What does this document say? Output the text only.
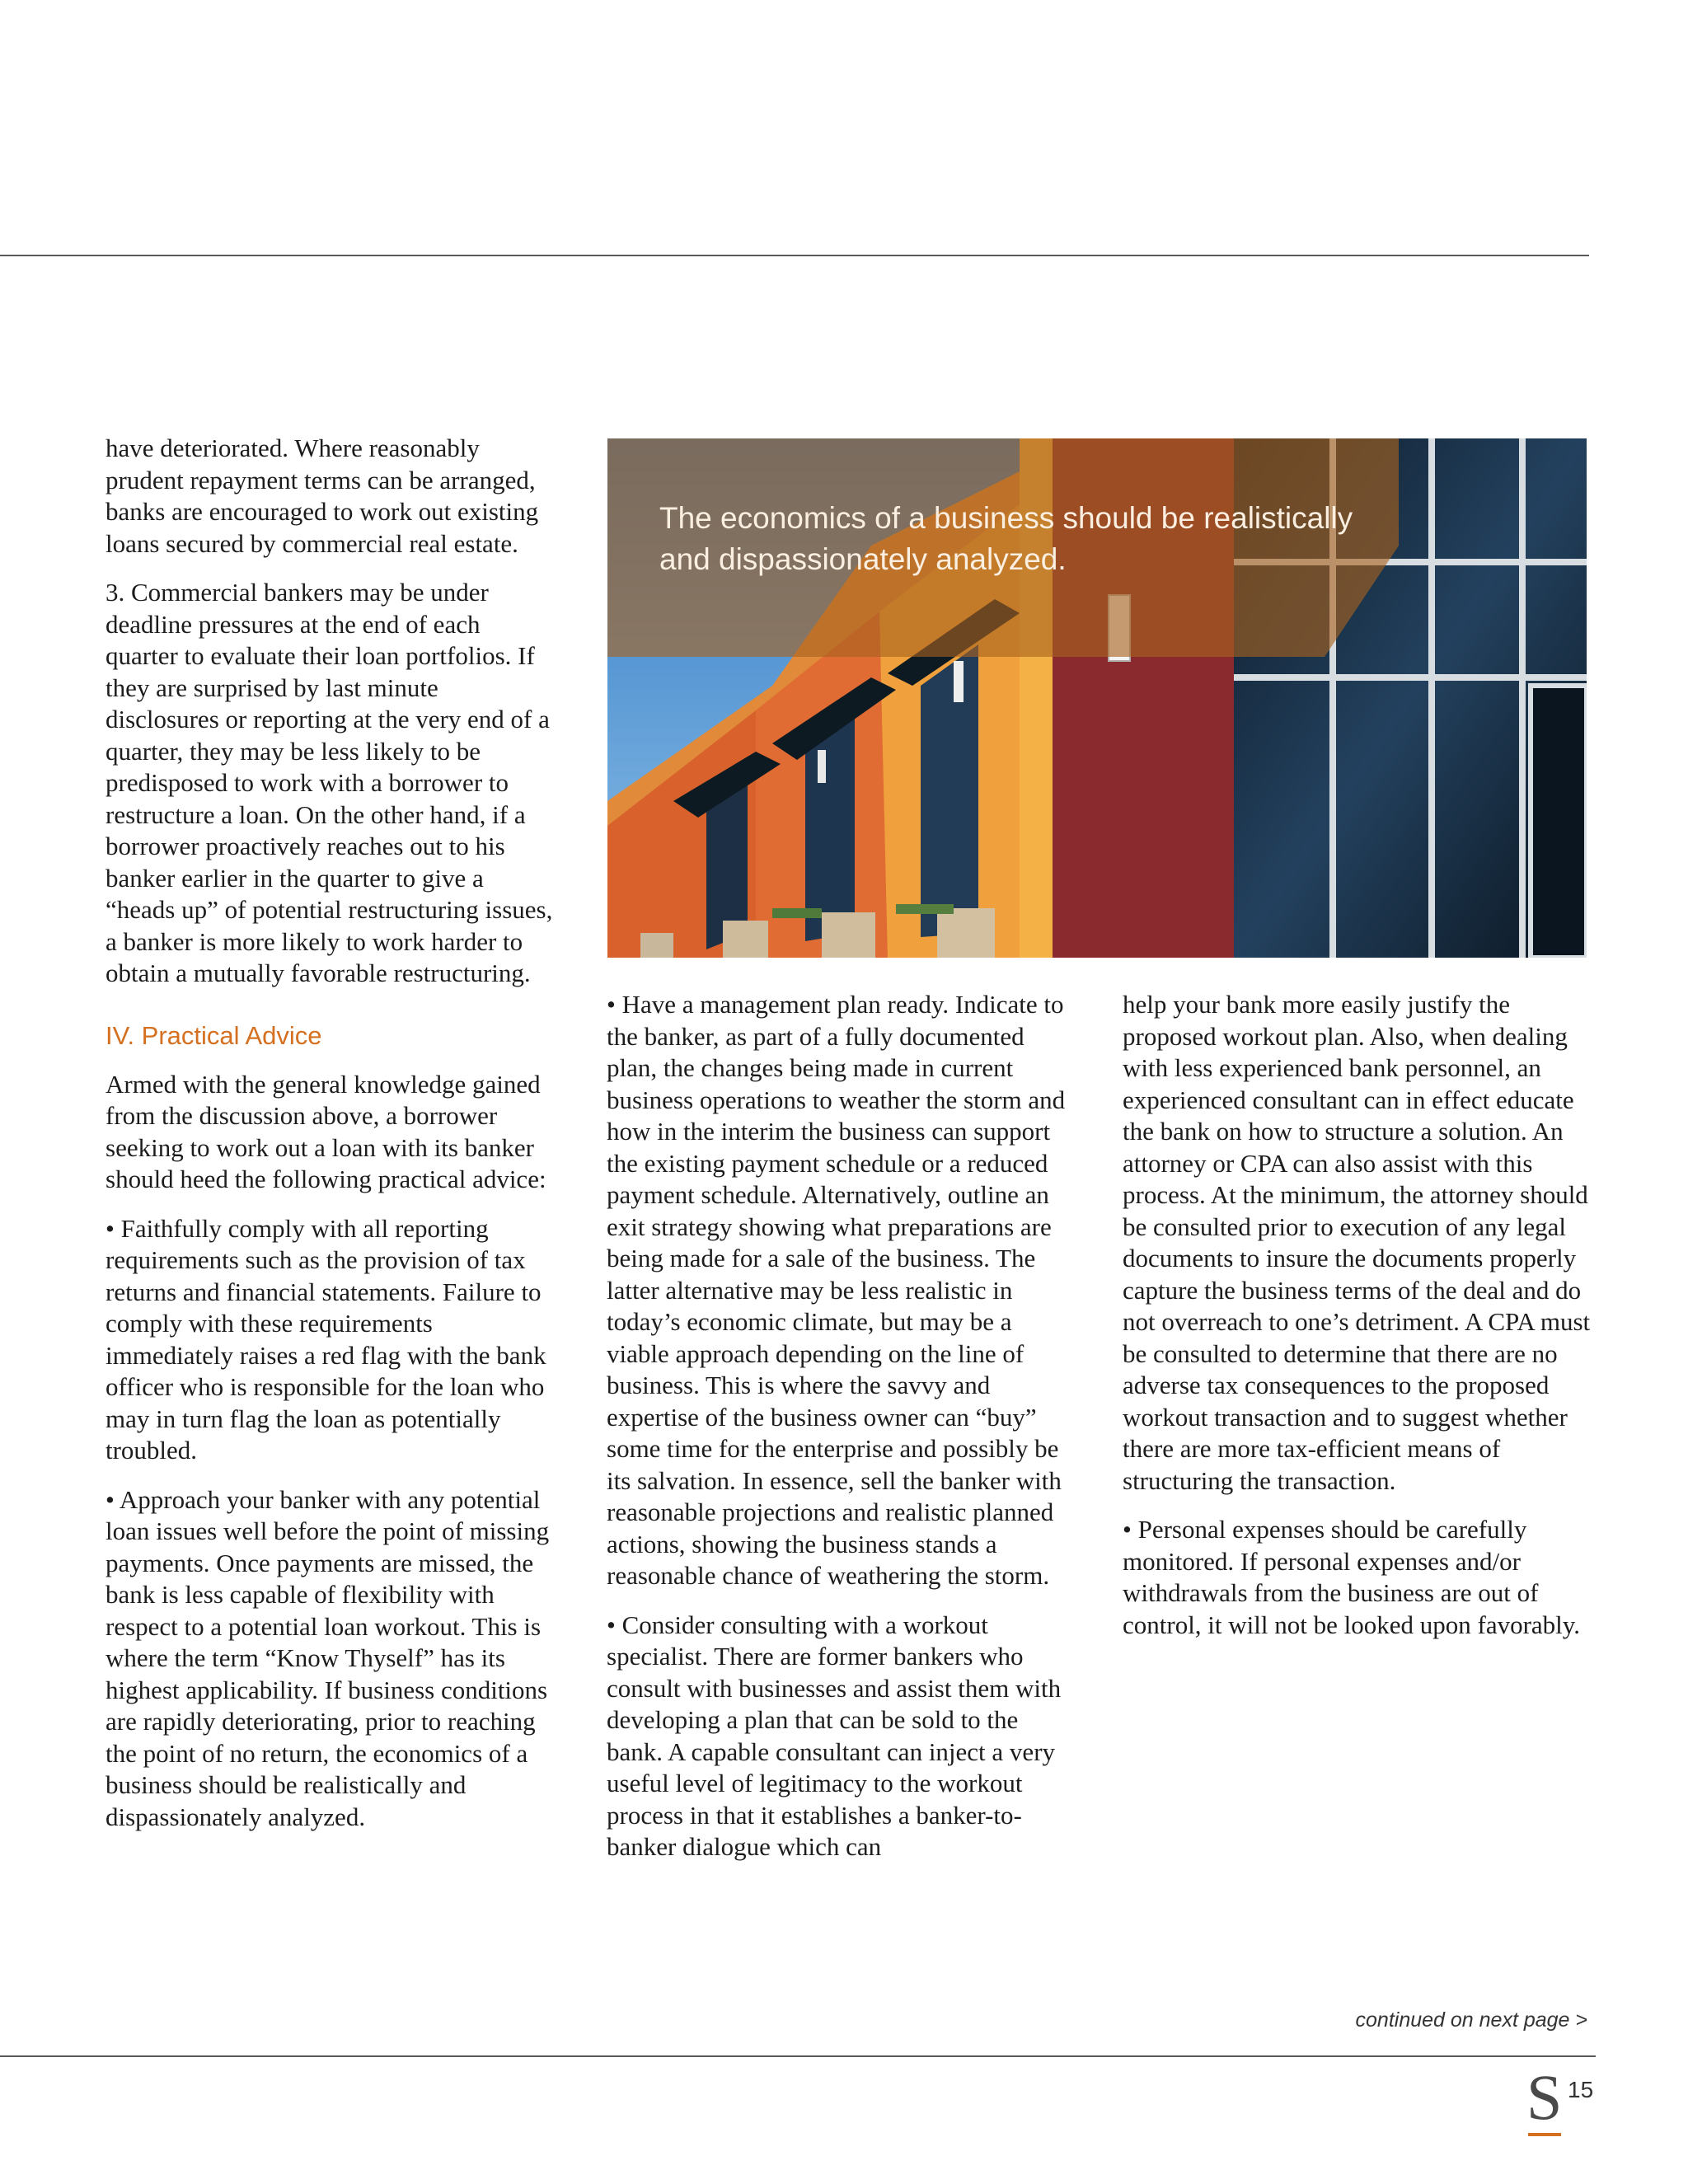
have deteriorated. Where reasonably prudent repayment terms can be arranged, banks are encouraged to work out existing loans secured by commercial real estate.

3. Commercial bankers may be under deadline pressures at the end of each quarter to evaluate their loan portfolios. If they are surprised by last minute disclosures or reporting at the very end of a quarter, they may be less likely to be predisposed to work with a borrower to restructure a loan. On the other hand, if a borrower proactively reaches out to his banker earlier in the quarter to give a “heads up” of potential restructuring issues, a banker is more likely to work harder to obtain a mutually favorable restructuring.

IV. Practical Advice

Armed with the general knowledge gained from the discussion above, a borrower seeking to work out a loan with its banker should heed the following practical advice:

• Faithfully comply with all reporting requirements such as the provision of tax returns and financial statements. Failure to comply with these requirements immediately raises a red flag with the bank officer who is responsible for the loan who may in turn flag the loan as potentially troubled.

• Approach your banker with any potential loan issues well before the point of missing payments. Once payments are missed, the bank is less capable of flexibility with respect to a potential loan workout. This is where the term “Know Thyself” has its highest applicability. If business conditions are rapidly deteriorating, prior to reaching the point of no return, the economics of a business should be realistically and dispassionately analyzed.

The economics of a business should be realistically and dispassionately analyzed.

• Have a management plan ready. Indicate to the banker, as part of a fully documented plan, the changes being made in current business operations to weather the storm and how in the interim the business can support the existing payment schedule or a reduced payment schedule. Alternatively, outline an exit strategy showing what preparations are being made for a sale of the business. The latter alternative may be less realistic in today’s economic climate, but may be a viable approach depending on the line of business. This is where the savvy and expertise of the business owner can “buy” some time for the enterprise and possibly be its salvation. In essence, sell the banker with reasonable projections and realistic planned actions, showing the business stands a reasonable chance of weathering the storm.

• Consider consulting with a workout specialist. There are former bankers who consult with businesses and assist them with developing a plan that can be sold to the bank. A capable consultant can inject a very useful level of legitimacy to the workout process in that it establishes a banker-to-banker dialogue which can

help your bank more easily justify the proposed workout plan. Also, when dealing with less experienced bank personnel, an experienced consultant can in effect educate the bank on how to structure a solution. An attorney or CPA can also assist with this process. At the minimum, the attorney should be consulted prior to execution of any legal documents to insure the documents properly capture the business terms of the deal and do not overreach to one’s detriment. A CPA must be consulted to determine that there are no adverse tax consequences to the proposed workout transaction and to suggest whether there are more tax-efficient means of structuring the transaction.

• Personal expenses should be carefully monitored. If personal expenses and/or withdrawals from the business are out of control, it will not be looked upon favorably.

continued on next page >
S 15
